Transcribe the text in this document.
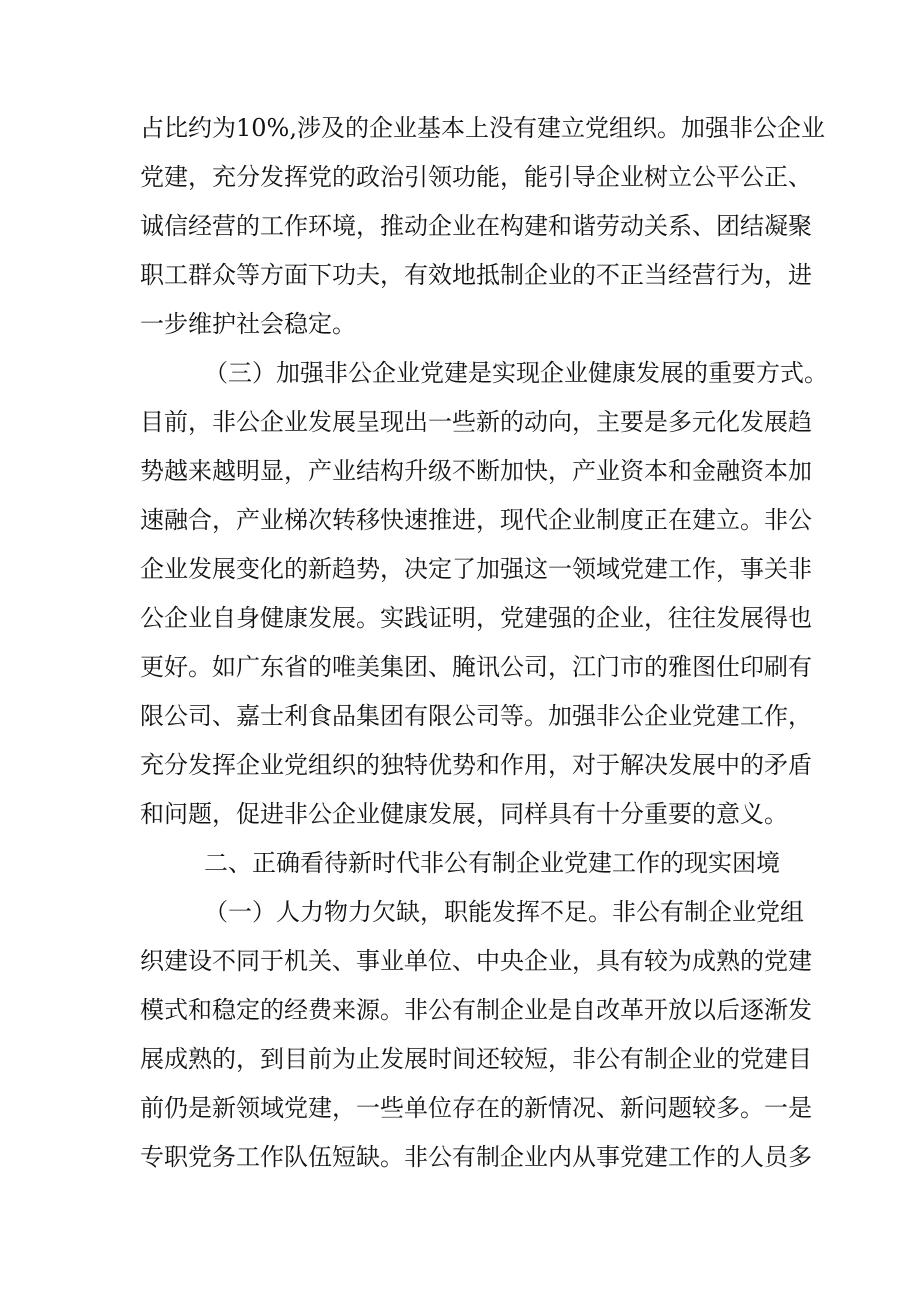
占比约为10%,涉及的企业基本上没有建立党组织。加强非公企业
党建，充分发挥党的政治引领功能，能引导企业树立公平公正、
诚信经营的工作环境，推动企业在构建和谐劳动关系、团结凝聚
职工群众等方面下功夫，有效地抵制企业的不正当经营行为，进
一步维护社会稳定。
（三）加强非公企业党建是实现企业健康发展的重要方式。
目前，非公企业发展呈现出一些新的动向，主要是多元化发展趋
势越来越明显，产业结构升级不断加快，产业资本和金融资本加
速融合，产业梯次转移快速推进，现代企业制度正在建立。非公
企业发展变化的新趋势，决定了加强这一领域党建工作，事关非
公企业自身健康发展。实践证明，党建强的企业，往往发展得也
更好。如广东省的唯美集团、腌讯公司，江门市的雅图仕印刷有
限公司、嘉士利食品集团有限公司等。加强非公企业党建工作，
充分发挥企业党组织的独特优势和作用，对于解决发展中的矛盾
和问题，促进非公企业健康发展，同样具有十分重要的意义。
二、正确看待新时代非公有制企业党建工作的现实困境
（一）人力物力欠缺，职能发挥不足。非公有制企业党组
织建设不同于机关、事业单位、中央企业，具有较为成熟的党建
模式和稳定的经费来源。非公有制企业是自改革开放以后逐渐发
展成熟的，到目前为止发展时间还较短，非公有制企业的党建目
前仍是新领域党建，一些单位存在的新情况、新问题较多。一是
专职党务工作队伍短缺。非公有制企业内从事党建工作的人员多
